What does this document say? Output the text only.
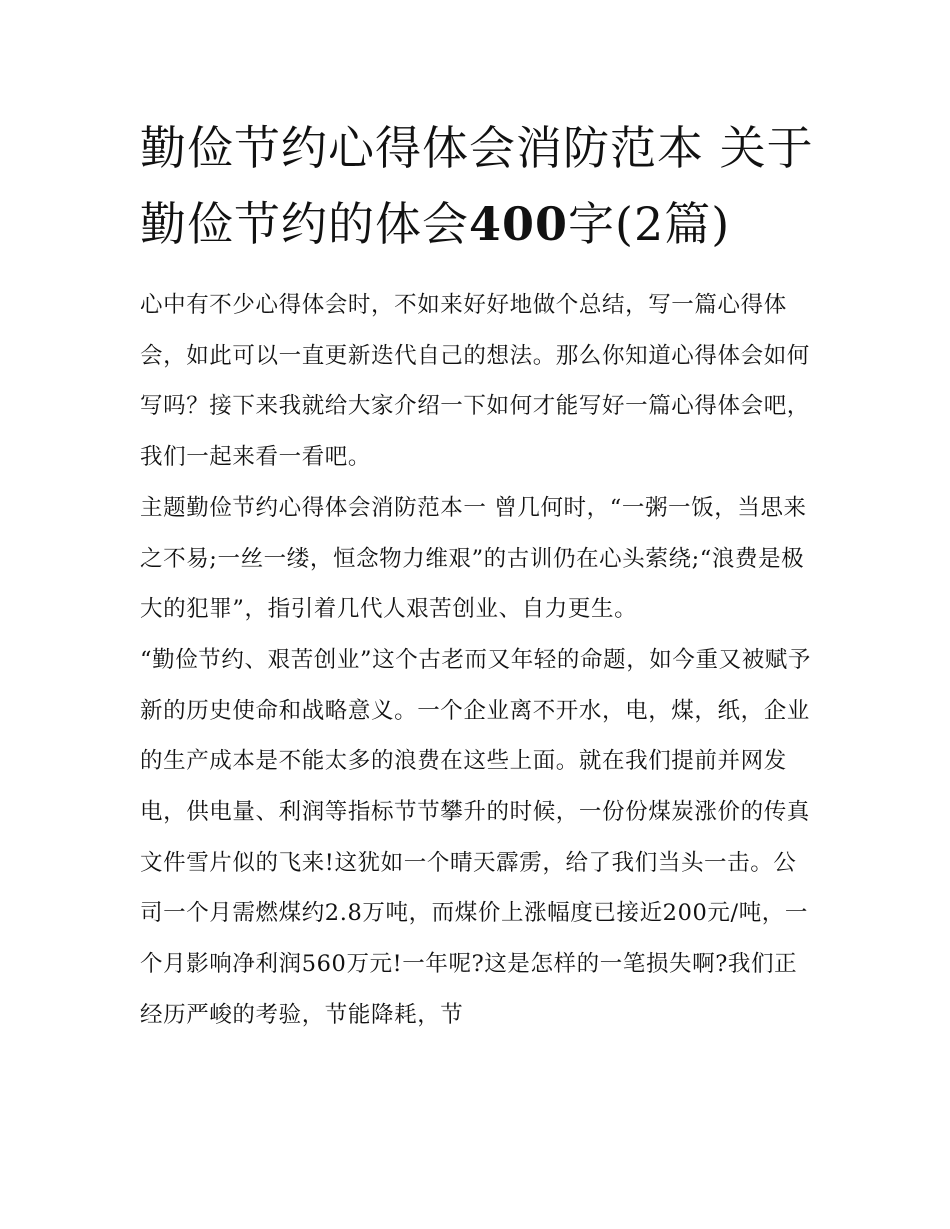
勤俭节约心得体会消防范本 关于勤俭节约的体会400字(2篇)

心中有不少心得体会时，不如来好好地做个总结，写一篇心得体会，如此可以一直更新迭代自己的想法。那么你知道心得体会如何写吗？接下来我就给大家介绍一下如何才能写好一篇心得体会吧，我们一起来看一看吧。

主题勤俭节约心得体会消防范本一 曾几何时，“一粥一饭，当思来之不易;一丝一缕，恒念物力维艰”的古训仍在心头萦绕;“浪费是极大的犯罪”，指引着几代人艰苦创业、自力更生。

“勤俭节约、艰苦创业”这个古老而又年轻的命题，如今重又被赋予新的历史使命和战略意义。一个企业离不开水，电，煤，纸，企业的生产成本是不能太多的浪费在这些上面。就在我们提前并网发电，供电量、利润等指标节节攀升的时候，一份份煤炭涨价的传真文件雪片似的飞来!这犹如一个晴天霹雳，给了我们当头一击。公司一个月需燃煤约2.8万吨，而煤价上涨幅度已接近200元/吨，一个月影响净利润560万元!一年呢?这是怎样的一笔损失啊?我们正经历严峻的考验，节能降耗，节
